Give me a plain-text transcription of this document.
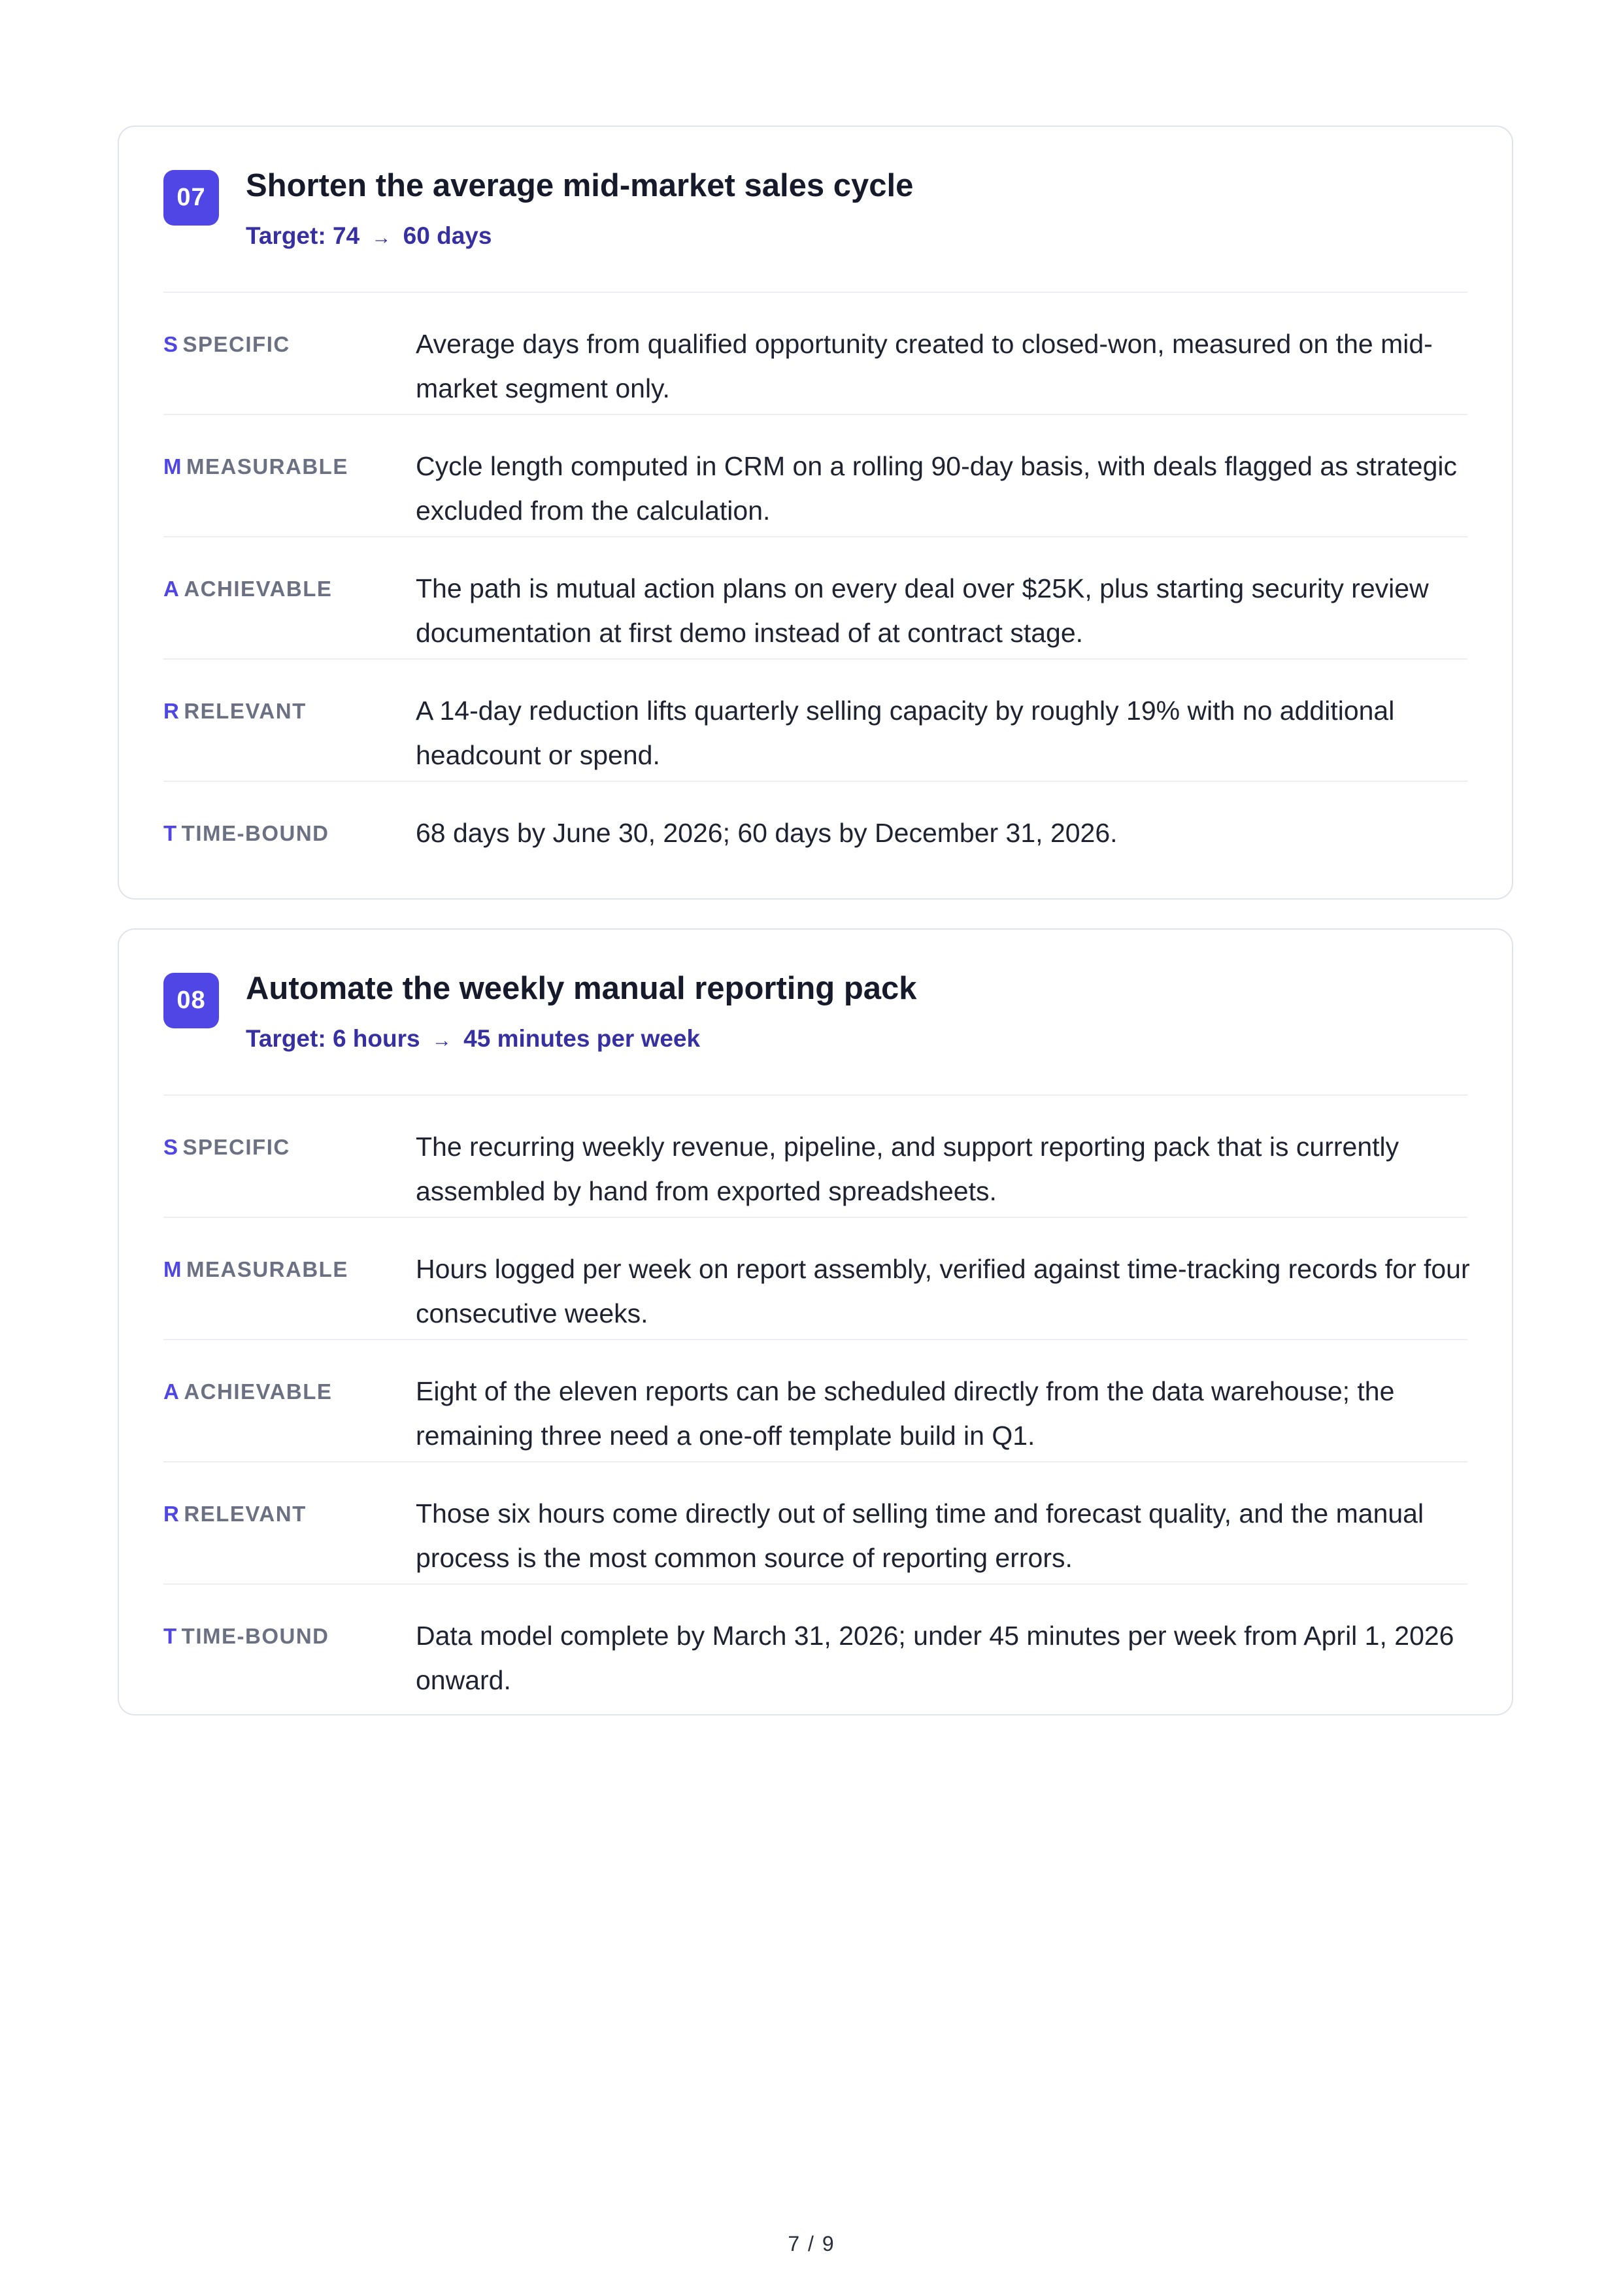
07	Shorten the average mid-market sales cycle
Target: 74 → 60 days
S SPECIFIC	Average days from qualified opportunity created to closed-won, measured on the mid-market segment only.
M MEASURABLE	Cycle length computed in CRM on a rolling 90-day basis, with deals flagged as strategic excluded from the calculation.
A ACHIEVABLE	The path is mutual action plans on every deal over $25K, plus starting security review documentation at first demo instead of at contract stage.
R RELEVANT	A 14-day reduction lifts quarterly selling capacity by roughly 19% with no additional headcount or spend.
T TIME-BOUND	68 days by June 30, 2026; 60 days by December 31, 2026.
08	Automate the weekly manual reporting pack
Target: 6 hours → 45 minutes per week
S SPECIFIC	The recurring weekly revenue, pipeline, and support reporting pack that is currently assembled by hand from exported spreadsheets.
M MEASURABLE	Hours logged per week on report assembly, verified against time-tracking records for four consecutive weeks.
A ACHIEVABLE	Eight of the eleven reports can be scheduled directly from the data warehouse; the remaining three need a one-off template build in Q1.
R RELEVANT	Those six hours come directly out of selling time and forecast quality, and the manual process is the most common source of reporting errors.
T TIME-BOUND	Data model complete by March 31, 2026; under 45 minutes per week from April 1, 2026 onward.
7 / 9
